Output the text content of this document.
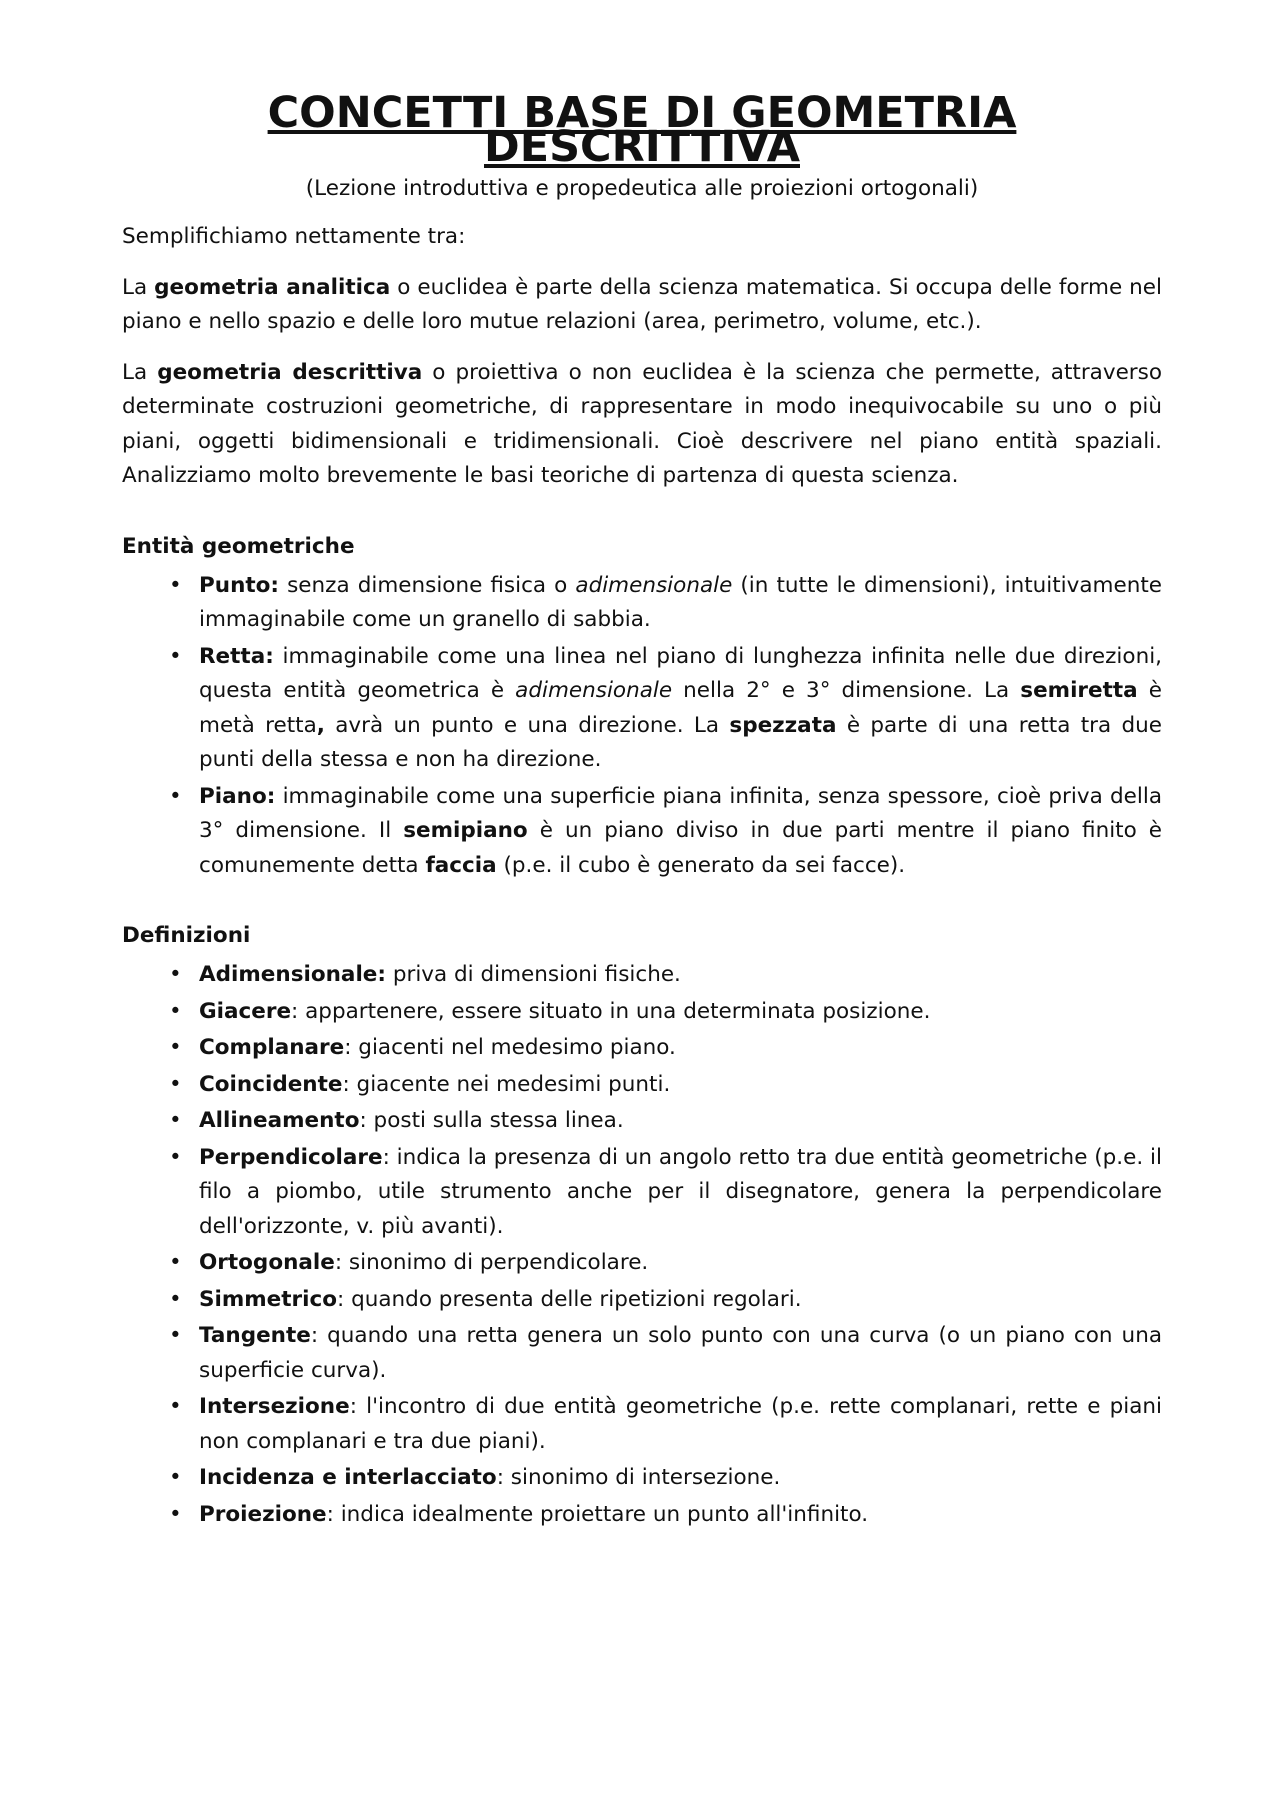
CONCETTI BASE DI GEOMETRIA DESCRITTIVA
(Lezione introduttiva e propedeutica alle proiezioni ortogonali)

Semplifichiamo nettamente tra:

La geometria analitica o euclidea è parte della scienza matematica. Si occupa delle forme nel piano e nello spazio e delle loro mutue relazioni (area, perimetro, volume, etc.).

La geometria descrittiva o proiettiva o non euclidea è la scienza che permette, attraverso determinate costruzioni geometriche, di rappresentare in modo inequivocabile su uno o più piani, oggetti bidimensionali e tridimensionali. Cioè descrivere nel piano entità spaziali. Analizziamo molto brevemente le basi teoriche di partenza di questa scienza.

Entità geometriche
• Punto: senza dimensione fisica o adimensionale (in tutte le dimensioni), intuitivamente immaginabile come un granello di sabbia.
• Retta: immaginabile come una linea nel piano di lunghezza infinita nelle due direzioni, questa entità geometrica è adimensionale nella 2° e 3° dimensione. La semiretta è metà retta, avrà un punto e una direzione. La spezzata è parte di una retta tra due punti della stessa e non ha direzione.
• Piano: immaginabile come una superficie piana infinita, senza spessore, cioè priva della 3° dimensione. Il semipiano è un piano diviso in due parti mentre il piano finito è comunemente detta faccia (p.e. il cubo è generato da sei facce).
Definizioni
• Adimensionale: priva di dimensioni fisiche.
• Giacere: appartenere, essere situato in una determinata posizione.
• Complanare: giacenti nel medesimo piano.
• Coincidente: giacente nei medesimi punti.
• Allineamento: posti sulla stessa linea.
• Perpendicolare: indica la presenza di un angolo retto tra due entità geometriche (p.e. il filo a piombo, utile strumento anche per il disegnatore, genera la perpendicolare dell'orizzonte, v. più avanti).
• Ortogonale: sinonimo di perpendicolare.
• Simmetrico: quando presenta delle ripetizioni regolari.
• Tangente: quando una retta genera un solo punto con una curva (o un piano con una superficie curva).
• Intersezione: l'incontro di due entità geometriche (p.e. rette complanari, rette e piani non complanari e tra due piani).
• Incidenza e interlacciato: sinonimo di intersezione.
• Proiezione: indica idealmente proiettare un punto all'infinito.
